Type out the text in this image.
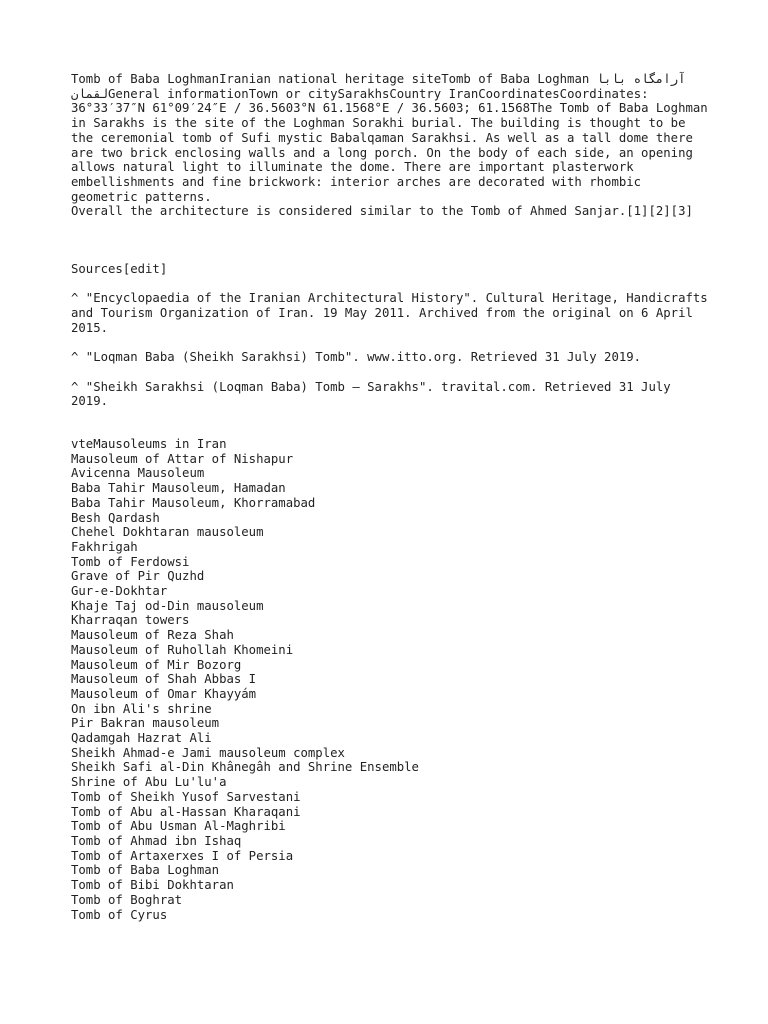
Tomb of Baba LoghmanIranian national heritage siteTomb of Baba Loghman آرامگاه بابا لقمانGeneral informationTown or citySarakhsCountry IranCoordinatesCoordinates: 36°33′37″N 61°09′24″E / 36.5603°N 61.1568°E / 36.5603; 61.1568The Tomb of Baba Loghman in Sarakhs is the site of the Loghman Sorakhi burial. The building is thought to be the ceremonial tomb of Sufi mystic Babalqaman Sarakhsi. As well as a tall dome there are two brick enclosing walls and a long porch. On the body of each side, an opening allows natural light to illuminate the dome. There are important plasterwork embellishments and fine brickwork: interior arches are decorated with rhombic geometric patterns.

Overall the architecture is considered similar to the Tomb of Ahmed Sanjar.[1][2][3]

Sources[edit]

^ "Encyclopaedia of the Iranian Architectural History". Cultural Heritage, Handicrafts and Tourism Organization of Iran. 19 May 2011. Archived from the original on 6 April 2015.

^ "Loqman Baba (Sheikh Sarakhsi) Tomb". www.itto.org. Retrieved 31 July 2019.

^ "Sheikh Sarakhsi (Loqman Baba) Tomb – Sarakhs". travital.com. Retrieved 31 July 2019.

vteMausoleums in Iran
Mausoleum of Attar of Nishapur
Avicenna Mausoleum
Baba Tahir Mausoleum, Hamadan
Baba Tahir Mausoleum, Khorramabad
Besh Qardash
Chehel Dokhtaran mausoleum
Fakhrigah
Tomb of Ferdowsi
Grave of Pir Quzhd
Gur-e-Dokhtar
Khaje Taj od-Din mausoleum
Kharraqan towers
Mausoleum of Reza Shah
Mausoleum of Ruhollah Khomeini
Mausoleum of Mir Bozorg
Mausoleum of Shah Abbas I
Mausoleum of Omar Khayyám
On ibn Ali's shrine
Pir Bakran mausoleum
Qadamgah Hazrat Ali
Sheikh Ahmad-e Jami mausoleum complex
Sheikh Safi al-Din Khânegâh and Shrine Ensemble
Shrine of Abu Lu'lu'a
Tomb of Sheikh Yusof Sarvestani
Tomb of Abu al-Hassan Kharaqani
Tomb of Abu Usman Al-Maghribi
Tomb of Ahmad ibn Ishaq
Tomb of Artaxerxes I of Persia
Tomb of Baba Loghman
Tomb of Bibi Dokhtaran
Tomb of Boghrat
Tomb of Cyrus
